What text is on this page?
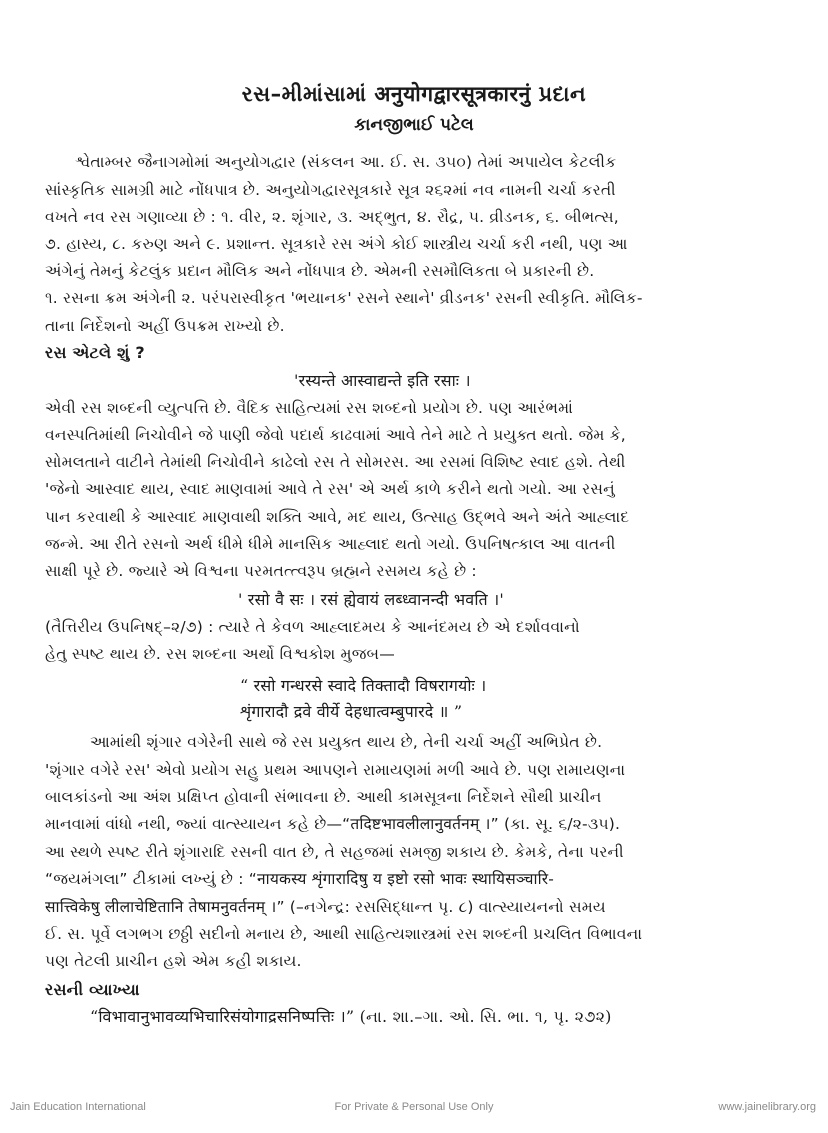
રસ–મીમાંસામાં अनुयोगद्वारसूत्रकारनुं પ્રદાન
કાનજીભાઈ પટેલ
શ્વેતામ્બર જૈનાગમોમાં અનુયોગદ્વાર (સંકલન આ. ઈ. સ. ૩૫૦) તેમાં અપાયેલ કેટલીક
સાંસ્કૃતિક સામગ્રી માટે નોંધપાત્ર છે. અનુયોગદ્વારસૂત્રકારે સૂત્ર ૨૬૨માં નવ નામની ચર્ચા કરતી
વખતે નવ રસ ગણાવ્યા છે : ૧. વીર, ૨. શૃંગાર, ૩. અદ્ભુત, ૪. રૌદ્ર, ૫. વ્રીડનક, ૬. બીભત્સ,
૭. હાસ્ય, ૮. કરુણ અને ૯. પ્રશાન્ત. સૂત્રકારે રસ અંગે કોઈ શાસ્ત્રીય ચર્ચા કરી નથી, પણ આ
અંગેનું તેમનું કેટલુંક પ્રદાન મૌલિક અને નોંધપાત્ર છે. એમની રસમૌલિકતા બે પ્રકારની છે.
૧. રસના ક્રમ અંગેની ૨. પરંપરાસ્વીકૃત 'ભયાનક' રસને સ્થાને' વ્રીડનક' રસની સ્વીકૃતિ. મૌલિક-
તાના નિર્દેશનો અહીં ઉપક્રમ રાખ્યો છે.
રસ એટલે શું ?
'रस्यन्ते आस्वाद्यन्ते इति रसाः ।
એવી રસ શબ્દની વ્યુત્પત્તિ છે. વૈદિક સાહિત્યમાં રસ શબ્દનો પ્રયોગ છે. પણ આરંભમાં
વનસ્પતિમાંથી નિચોવીને જે પાણી જેવો પદાર્થ કાઢવામાં આવે તેને માટે તે પ્રયુક્ત થતો. જેમ કે,
સોમલતાને વાટીને તેમાંથી નિચોવીને કાઢેલો રસ તે સોમરસ. આ રસમાં વિશિષ્ટ સ્વાદ હશે. તેથી
'જેનો આસ્વાદ થાય, સ્વાદ માણવામાં આવે તે રસ' એ અર્થ કાળે કરીને થતો ગયો. આ રસનું
પાન કરવાથી કે આસ્વાદ માણવાથી શક્તિ આવે, મદ થાય, ઉત્સાહ ઉદ્ભવે અને અંતે આહ્લાદ
જન્મે. આ રીતે રસનો અર્થ ધીમે ધીમે માનસિક આહ્લાદ થતો ગયો. ઉપનિષત્કાલ આ વાતની
સાક્ષી પૂરે છે. જ્યારે એ વિશ્વના પરમતત્ત્વરૂપ બ્રહ્મને રસમય કહે છે :
' रसो वै सः । रसं ह्येवायं लब्ध्वानन्दी भवति ।'
(તૈત્તિરીય ઉપનિષદ્–૨/૭) : ત્યારે તે કેવળ આહ્લાદમય કે આનંદમય છે એ દર્શાવવાનો
હેતુ સ્પષ્ટ થાય છે. રસ શબ્દના અર્થો વિશ્વકોશ મુજબ—
“ रसो गन्धरसे स्वादे तिक्तादौ विषरागयोः ।
शृंगारादौ द्रवे वीर्ये देहधात्वम्बुपारदे ॥ ”
આમાંથી શૃંગાર વગેરેની સાથે જે રસ પ્રયુક્ત થાય છે, તેની ચર્ચા અહીં અભિપ્રેત છે.
'શૃંગાર વગેરે રસ' એવો પ્રયોગ સહુ પ્રથમ આપણને રામાયણમાં મળી આવે છે. પણ રામાયણના
બાલકાંડનો આ અંશ પ્રક્ષિપ્ત હોવાની સંભાવના છે. આથી કામસૂત્રના નિર્દેશને સૌથી પ્રાચીન
માનવામાં વાંધો નથી, જ્યાં વાત્સ્યાયન કહે છે—“तदिष्टभावलीलानुवर्तनम् ।” (કા. સૂ. ૬/૨-૩૫).
આ સ્થળે સ્પષ્ટ રીતે શૃંગારાદિ રસની વાત છે, તે સહજમાં સમજી શકાય છે. કેમકે, તેના પરની
“જયમંગલા” ટીકામાં લખ્યું છે : “नायकस्य शृंगारादिषु य इष्टो रसो भावः स्थायिसञ्चारि-
सात्त्विकेषु लीलाचेष्टितानि तेषामनुवर्तनम् ।” (–નગેન્દ્ર: રસસિદ્ધાન્ત પૃ. ૮) વાત્સ્યાયનનો સમય
ઈ. સ. પૂર્વે લગભગ છઠ્ઠી સદીનો મનાય છે, આથી સાહિત્યશાસ્ત્રમાં રસ શબ્દની પ્રચલિત વિભાવના
પણ તેટલી પ્રાચીન હશે એમ કહી શકાય.
રસની વ્યાખ્યા
“विभावानुभावव्यभिचारिसंयोगाद्रसनिष्पत्तिः ।” (ના. શા.–ગા. ઓ. સિ. ભા. ૧, પૃ. ૨૭૨)
Jain Education International	For Private & Personal Use Only	www.jainelibrary.org
